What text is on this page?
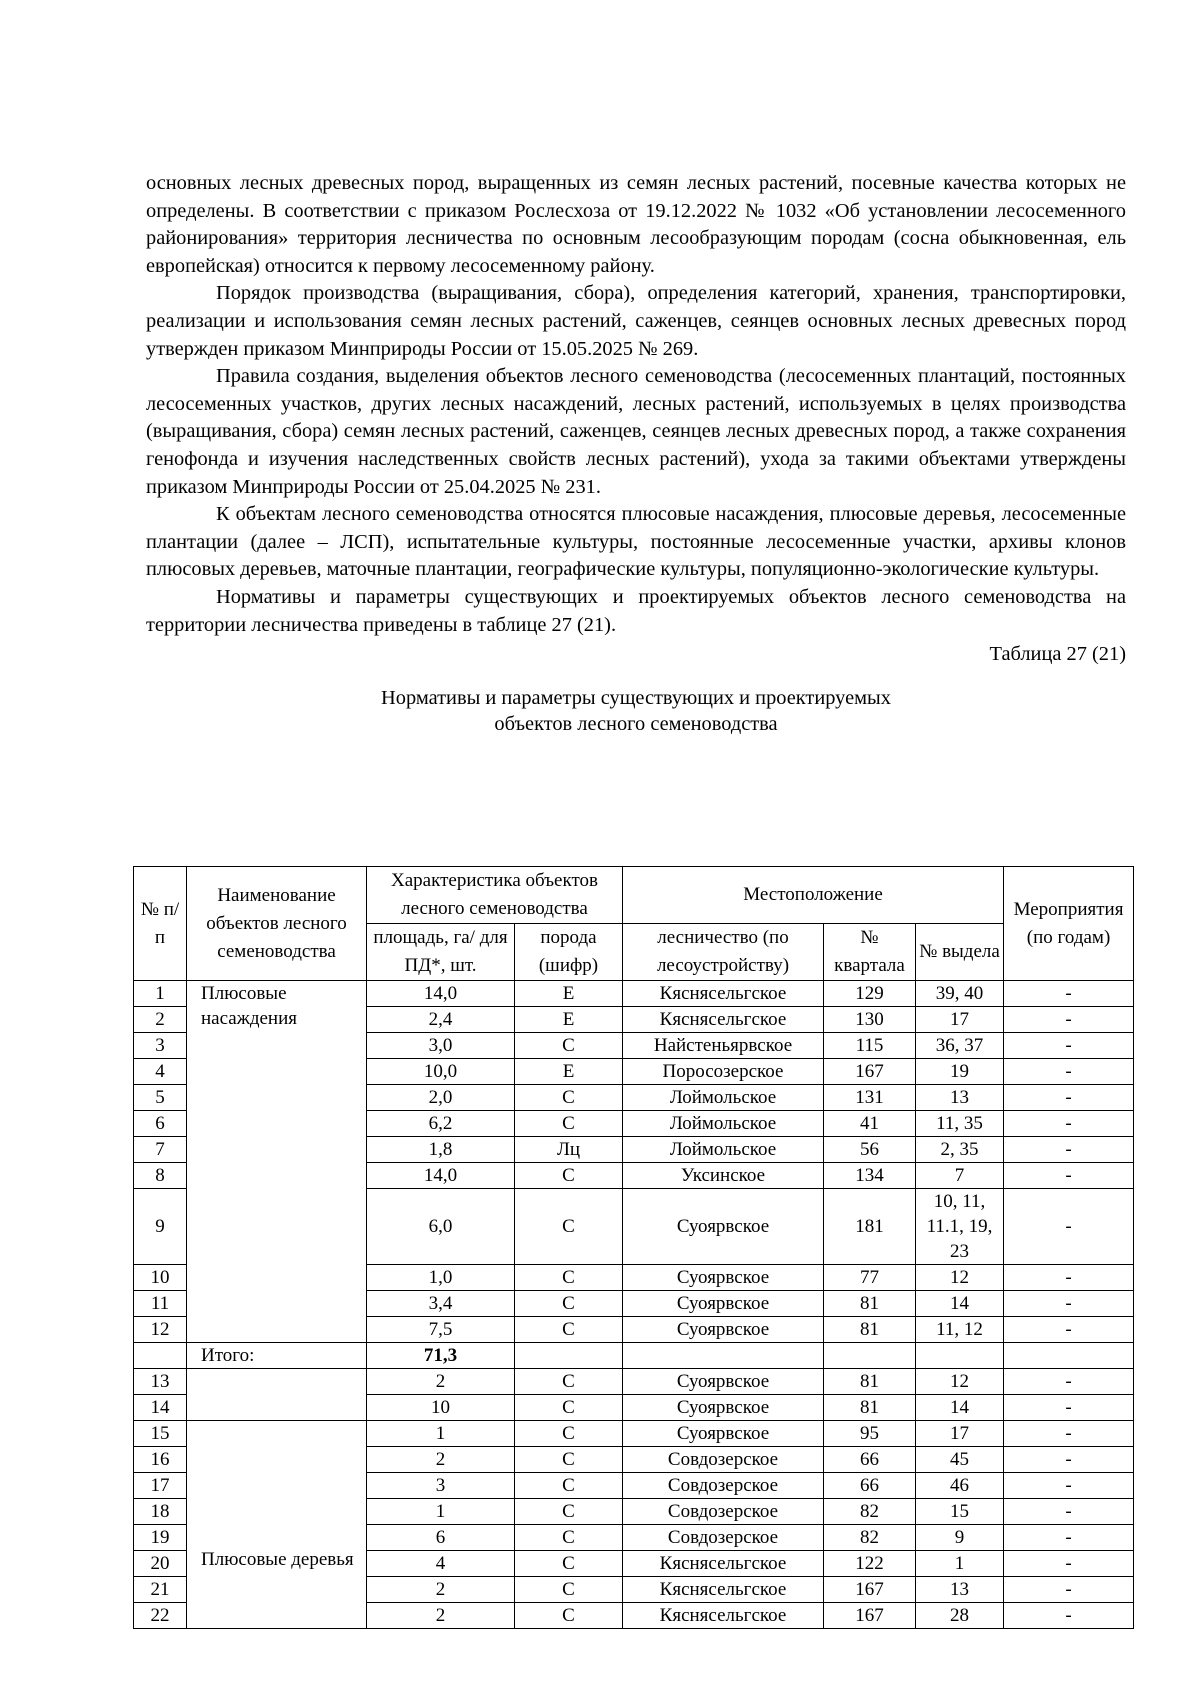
основных лесных древесных пород, выращенных из семян лесных растений, посевные качества которых не определены. В соответствии с приказом Рослесхоза от 19.12.2022 № 1032 «Об установлении лесосеменного районирования» территория лесничества по основным лесообразующим породам (сосна обыкновенная, ель европейская) относится к первому лесосеменному району.

Порядок производства (выращивания, сбора), определения категорий, хранения, транспортировки, реализации и использования семян лесных растений, саженцев, сеянцев основных лесных древесных пород утвержден приказом Минприроды России от 15.05.2025 № 269.

Правила создания, выделения объектов лесного семеноводства (лесосеменных плантаций, постоянных лесосеменных участков, других лесных насаждений, лесных растений, используемых в целях производства (выращивания, сбора) семян лесных растений, саженцев, сеянцев лесных древесных пород, а также сохранения генофонда и изучения наследственных свойств лесных растений), ухода за такими объектами утверждены приказом Минприроды России от 25.04.2025 № 231.

К объектам лесного семеноводства относятся плюсовые насаждения, плюсовые деревья, лесосеменные плантации (далее – ЛСП), испытательные культуры, постоянные лесосеменные участки, архивы клонов плюсовых деревьев, маточные плантации, географические культуры, популяционно-экологические культуры.

Нормативы и параметры существующих и проектируемых объектов лесного семеноводства на территории лесничества приведены в таблице 27 (21).

Таблица 27 (21)
Нормативы и параметры существующих и проектируемых
объектов лесного семеноводства
№ п/п	Наименование объектов лесного семеноводства	Характеристика объектов лесного семеноводства		Местоположение			Мероприятия (по годам)
		площадь, га/ для ПД*, шт.	порода (шифр)	лесничество (по лесоустройству)	№ квартала	№ выдела	
1	Плюсовые насаждения	14,0	Е	Кяснясельгское	129	39, 40	-
2		2,4	Е	Кяснясельгское	130	17	-
3		3,0	С	Найстеньярвское	115	36, 37	-
4		10,0	Е	Поросозерское	167	19	-
5		2,0	С	Лоймольское	131	13	-
6		6,2	С	Лоймольское	41	11, 35	-
7		1,8	Лц	Лоймольское	56	2, 35	-
8		14,0	С	Уксинское	134	7	-
9		6,0	С	Суоярвское	181	10, 11, 11.1, 19, 23	-
10		1,0	С	Суоярвское	77	12	-
11		3,4	С	Суоярвское	81	14	-
12		7,5	С	Суоярвское	81	11, 12	-
	Итого:	71,3					
13		2	С	Суоярвское	81	12	-
14		10	С	Суоярвское	81	14	-
15	Плюсовые деревья	1	С	Суоярвское	95	17	-
16		2	С	Совдозерское	66	45	-
17		3	С	Совдозерское	66	46	-
18		1	С	Совдозерское	82	15	-
19		6	С	Совдозерское	82	9	-
20		4	С	Кяснясельгское	122	1	-
21		2	С	Кяснясельгское	167	13	-
22		2	С	Кяснясельгское	167	28	-
